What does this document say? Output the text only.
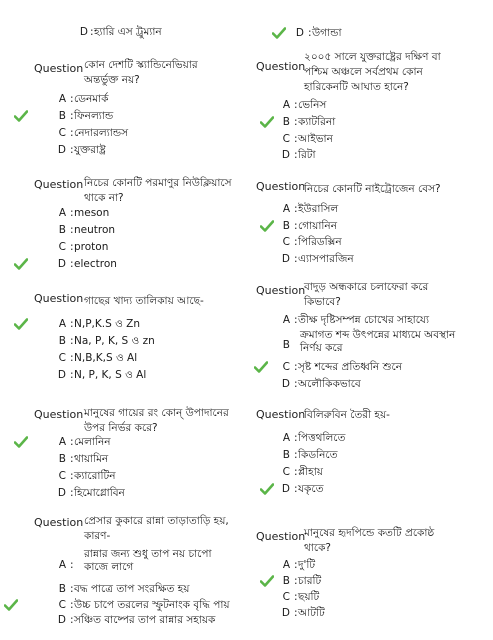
D : হ্যারি এস ট্রুম্যান
Question কোন দেশটি স্ক্যান্ডিনেভিয়ার
অন্তর্ভুক্ত নয়?
A : ডেনমার্ক
B : ফিনল্যান্ড
C : নেদারল্যান্ডস
D : যুক্তরাষ্ট্র
Question নিচের কোনটি পরমাণুর নিউক্লিয়াসে
থাকে না?
A : meson
B : neutron
C : proton
D : electron
Question গাছের খাদ্য তালিকায় আছে-
A : N,P,K.S ও Zn
B : Na, P, K, S ও zn
C : N,B,K,S ও Al
D : N, P, K, S ও Al
Question মানুষের গায়ের রং কোন্‌ উপাদানের
উপর নির্ভর করে?
A : মেলানিন
B : থায়ামিন
C : ক্যারোটিন
D : হিমোগ্লোবিন
Question প্রেসার কুকারে রান্না তাড়াতাড়ি হয়,
কারণ-
A :
রান্নার জন্য শুধু তাপ নয় চাপো কাজে লাগে
B : বদ্ধ পাত্রে তাপ সংরক্ষিত হয়
C : উচ্চ চাপে তরলের স্ফুটনাংক বৃদ্ধি পায়
D : সঞ্চিত বাষ্পের তাপ রান্নার সহায়ক
D : উগান্ডা
Question
২০০৫ সালে যুক্তরাষ্ট্রের দক্ষিণ বা
পশ্চিম অঞ্চলে সর্বপ্রথম কোন
হারিকেনটি আঘাত হানে?
A : ভেনিস
B : ক্যাটরিনা
C : আইভান
D : রিটা
Question
নিচের কোনটি নাইট্রোজেন বেস?
A : ইউরাসিল
B : গোয়ানিন
C : পিরিডক্সিন
D : এ্যাসপারজিন
Question
বাদুড় অন্ধকারে চলাফেরা করে
কিভাবে?
A : তীক্ষ দৃষ্টিসম্পন্ন চোখের সাহায্যে
B
ক্রমাগত শব্দ উৎপন্নের মাধ্যমে অবস্থান নির্ণয় করে
C : সৃষ্ট শব্দের প্রতিধ্বনি শুনে
D : অলৌকিকভাবে
Question
বিলিরুবিন তৈরী হয়-
A : পিত্তথলিতে
B : কিডনিতে
C : প্লীহায়
D : যকৃতে
Question
মানুষের হৃদপিন্ডে কতটি প্রকোষ্ঠ
থাকে?
A : দু'টি
B : চারটি
C : ছয়টি
D : আটটি
